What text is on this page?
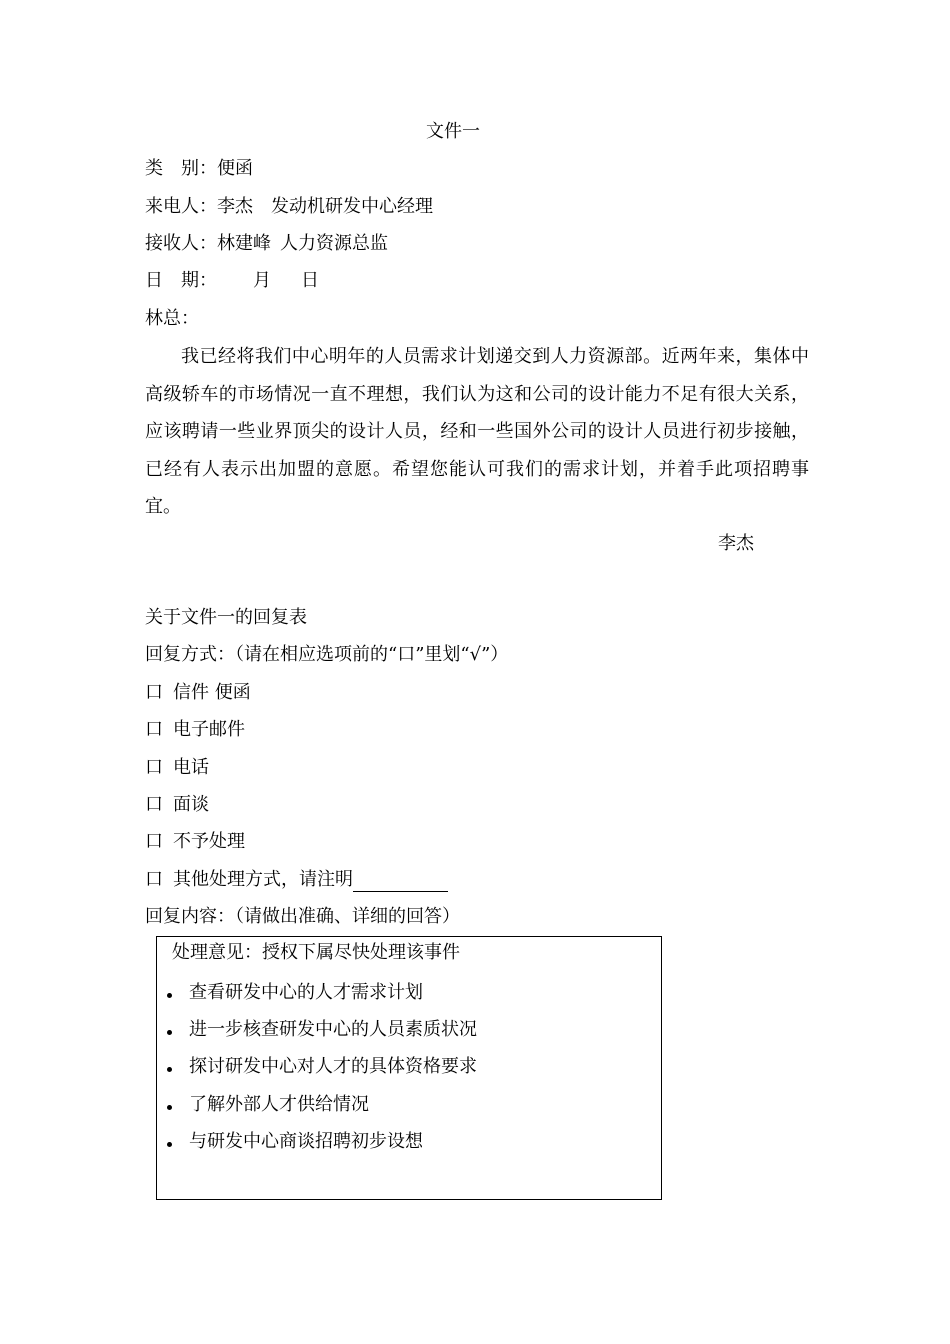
文件一
类　别：便函
来电人：李杰 发动机研发中心经理
接收人：林建峰 人力资源总监
日　期： 月 日
林总：
我已经将我们中心明年的人员需求计划递交到人力资源部。近两年来，集体中高级轿车的市场情况一直不理想，我们认为这和公司的设计能力不足有很大关系，应该聘请一些业界顶尖的设计人员，经和一些国外公司的设计人员进行初步接触，已经有人表示出加盟的意愿。希望您能认可我们的需求计划，并着手此项招聘事宜。
李杰
关于文件一的回复表
回复方式：（请在相应选项前的“口”里划“√”）
口 信件 便函
口 电子邮件
口 电话
口 面谈
口 不予处理
口 其他处理方式，请注明
回复内容：（请做出准确、详细的回答）
处理意见：授权下属尽快处理该事件
查看研发中心的人才需求计划
进一步核查研发中心的人员素质状况
探讨研发中心对人才的具体资格要求
了解外部人才供给情况
与研发中心商谈招聘初步设想
